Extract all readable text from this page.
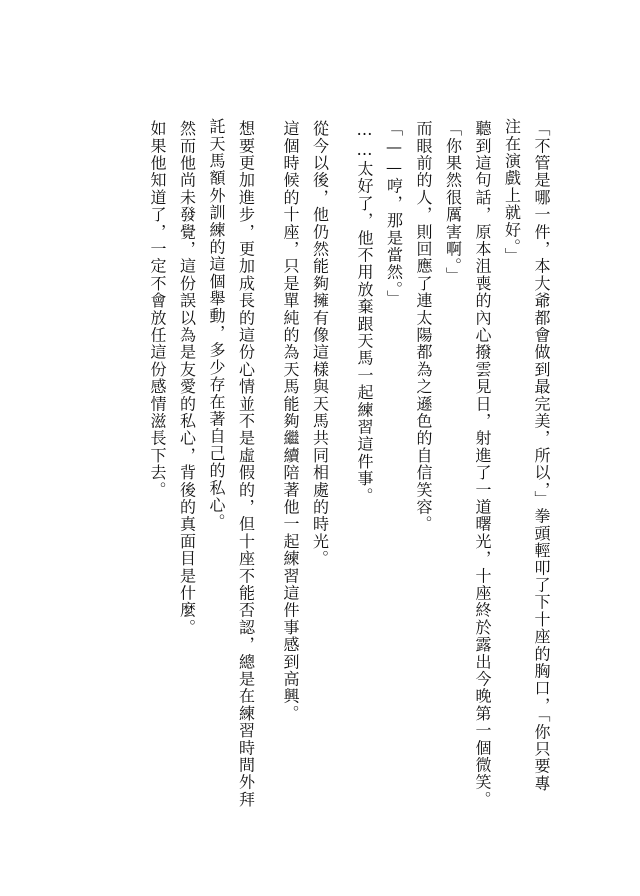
「不管是哪一件，本大爺都會做到最完美，所以，」拳頭輕叩了下十座的胸口，「你只要專注在演戲上就好。」

聽到這句話，原本沮喪的內心撥雲見日，射進了一道曙光，十座終於露出今晚第一個微笑。

「你果然很厲害啊。」

而眼前的人，則回應了連太陽都為之遜色的自信笑容。

「——哼，那是當然。」

……太好了，他不用放棄跟天馬一起練習這件事。

從今以後，他仍然能夠擁有像這樣與天馬共同相處的時光。

這個時候的十座，只是單純的為天馬能夠繼續陪著他一起練習這件事感到高興。

想要更加進步，更加成長的這份心情並不是虛假的，但十座不能否認，總是在練習時間外拜託天馬額外訓練的這個舉動，多少存在著自己的私心。

然而他尚未發覺，這份誤以為是友愛的私心，背後的真面目是什麼。

如果他知道了，一定不會放任這份感情滋長下去。
